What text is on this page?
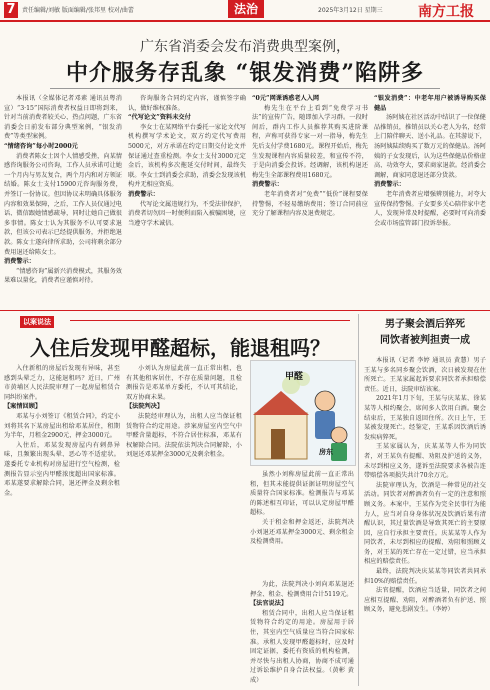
7	责任编辑/刘敏 版面编辑/张邦里 校对/曲蕾	法治	2025年3月12日 星期三	南方工报
广东省消委会发布消费典型案例，
中介服务存乱象 “银发消费”陷阱多

本报讯（全媒体记者邓素 通讯员粤消宣）“3·15”国际消费者权益日即将到来，针对当前消费者较关心、热点问题，广东省消委会日前发布部分典型案例，“银发消费”等类型案例。

“情绪咨询”每小时2000元

消费者陈女士因个人情感受挫，向某情感咨询服务公司咨询，工作人员承诺可让她一个月内与男友复合，两个月内和对方领证结婚。陈女士支付15900元咨询服务费，并签订一份协议。但因协议未明确具体服务内容和效果保障，之后，工作人员仅通过电话、微信跟她情感疏导，同时让她自己做很多事情。陈女士认为其服务不认可要求退款，但该公司表示已经提供服务，并拒绝退款。陈女士遂向律所求助，公司将剩余部分费用退还给陈女士。

消费警示：

“情感咨询”属新兴消费模式，其服务效果难以量化，消费者应谨慎对待。

咨询服务合同约定内容，谨慎签字确认，做好维权准备。

“代写论文”资料未交付

李女士在某网络平台委托一家论文代写机构撰写学术论文，双方约定代写费用5000元，对方承诺在约定日期交付论文并保证通过查重检测。李女士支付3000元定金后，该机构多次拖延交付时间，最终失联。李女士到消委会求助，消委会发现该机构并无相应资质。

消费警示：

代写论文属违规行为，不受法律保护，消费者切勿因一时便利而陷入被骗困境，应当遵守学术诚信。

“0元”网课诱惑老人入网

梅先生在平台上看到“免费学习书法”的宣传广告，随即加入学习群。一段时间后，群内工作人员推荐其购买进阶课程，声称可获得专家一对一指导，梅先生先后支付学费1680元。课程开始后，梅先生发现课程内容质量较差，和宣传不符，于是向消委会投诉。经调解，该机构退还梅先生全部课程费用1680元。

消费警示：

老年消费者对“免费”“低价”课程要保持警惕，不轻易缴纳费用；签订合同前应充分了解课程内容及退费规定。

“银发消费”：中老年用户被诱导购买保健品

汤阿姨在社区活动中结识了一位保健品推销员，推销员以关心老人为名，经常上门陪伴聊天、送小礼品。在其游说下，汤阿姨陆续购买了数万元的保健品。汤阿姨的子女发现后，认为这些保健品价格虚高、功效夸大，要求商家退款。经消委会调解，商家同意退还部分货款。

消费警示：

老年消费者应增强辨别能力，对夸大宣传保持警惕。子女要多关心陪伴家中老人，发现异常及时提醒，必要时可向消委会或市场监管部门投诉举报。

以案说法
入住后发现甲醛超标，能退租吗？

入住新租的房屋后发现有异味，甚至感到头晕乏力，这能退租吗？近日，广州市黄埔区人民法院审理了一起房屋租赁合同纠纷案件。

【案情回顾】

邓某与小刘签订《租赁合同》，约定小刘将其名下某房屋出租给邓某居住，租期为半年，月租金2900元，押金3000元。

入住后，邓某发现房屋内有刺鼻异味，且频繁出现头晕、恶心等不适症状。遂委托专业机构对房屋进行空气检测，检测报告显示室内甲醛浓度超出国家标准。邓某遂要求解除合同，退还押金及剩余租金。

小刘认为房屋此前一直正常出租，也有其他租客居住，不存在质量问题，且检测报告是邓某单方委托，不认可其结论，双方协商未果。

【法院判决】

法院经审理认为，出租人应当保证租赁物符合约定用途。涉案房屋室内空气中甲醛含量超标，不符合居住标准，邓某有权解除合同。法院依法判决合同解除，小刘退还邓某押金3000元及剩余租金。

虽然小刘称房屋此前一直正常出租，但其未能提供证据证明房屋空气质量符合国家标准。检测报告与邓某的陈述相互印证，可以认定房屋甲醛超标。

关于租金和押金返还，法院判决小刘退还邓某押金3000元、剩余租金及检测费用。

甲醛
房东
男子聚会酒后猝死
同饮者被判担责一成

本报讯（记者 李婷 通讯员 黄慧）男子王某与多名同乡聚会饮酒，次日被发现在住所死亡。王某家属起诉要求同饮者承担赔偿责任。近日，法院审结该案。

2021年1月下旬，王某与庆某某、徐某某等人相约聚会，席间多人饮用白酒。聚会结束后，王某独自返回住所。次日上午，王某被发现死亡。经鉴定，王某系因饮酒后诱发疾病猝死。

王某家属认为，庆某某等人作为同饮者，对王某负有提醒、劝阻及护送的义务，未尽到相应义务，遂诉至法院要求各被告连带赔偿各项损失共计70余万元。

法院审理认为，饮酒是一种常见的社交活动。同饮者对醉酒者负有一定的注意和照顾义务。本案中，王某作为完全民事行为能力人，应当对自身身体状况及饮酒后果有清醒认识，其过量饮酒是导致其死亡的主要原因，应自行承担主要责任。庆某某等人作为同饮者，未尽到相应的提醒、劝阻和照顾义务，对王某的死亡存在一定过错，应当承担相应的赔偿责任。

最终，法院判决庆某某等同饮者共同承担10%的赔偿责任。

法官提醒，饮酒应当适量，同饮者之间应相互提醒、劝阻，对醉酒者负有护送、照顾义务，避免悲剧发生。（李婷）

为此，法院判决小刘向邓某退还押金、租金、检测费用合计5119元。

【法官说法】

租赁合同中，出租人应当保证租赁物符合约定的用途。房屋用于居住，其室内空气质量应当符合国家标准。承租人发现甲醛超标时，应及时固定证据，委托有资质的机构检测，并尽快与出租人协商，协商不成可通过诉讼维护自身合法权益。（黄彬 黄成）
